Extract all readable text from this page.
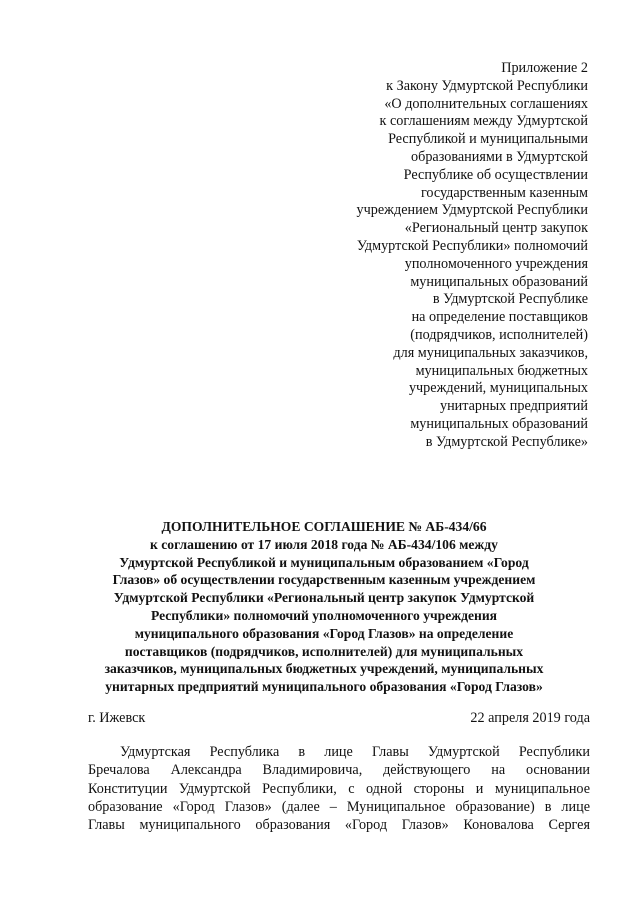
Приложение 2
к Закону Удмуртской Республики
«О дополнительных соглашениях
к соглашениям между Удмуртской
Республикой и муниципальными
образованиями в Удмуртской
Республике об осуществлении
государственным казенным
учреждением Удмуртской Республики
«Региональный центр закупок
Удмуртской Республики» полномочий
уполномоченного учреждения
муниципальных образований
в Удмуртской Республике
на определение поставщиков
(подрядчиков, исполнителей)
для муниципальных заказчиков,
муниципальных бюджетных
учреждений, муниципальных
унитарных предприятий
муниципальных образований
в Удмуртской Республике»
ДОПОЛНИТЕЛЬНОЕ СОГЛАШЕНИЕ № АБ-434/66
к соглашению от 17 июля 2018 года № АБ-434/106 между
Удмуртской Республикой и муниципальным образованием «Город
Глазов» об осуществлении государственным казенным учреждением
Удмуртской Республики «Региональный центр закупок Удмуртской
Республики» полномочий уполномоченного учреждения
муниципального образования «Город Глазов» на определение
поставщиков (подрядчиков, исполнителей) для муниципальных
заказчиков, муниципальных бюджетных учреждений, муниципальных
унитарных предприятий муниципального образования «Город Глазов»
г. Ижевск	22 апреля 2019 года
Удмуртская Республика в лице Главы Удмуртской Республики
Бречалова Александра Владимировича, действующего на основании
Конституции Удмуртской Республики, с одной стороны и муниципальное
образование «Город Глазов» (далее – Муниципальное образование) в лице
Главы муниципального образования «Город Глазов» Коновалова Сергея
